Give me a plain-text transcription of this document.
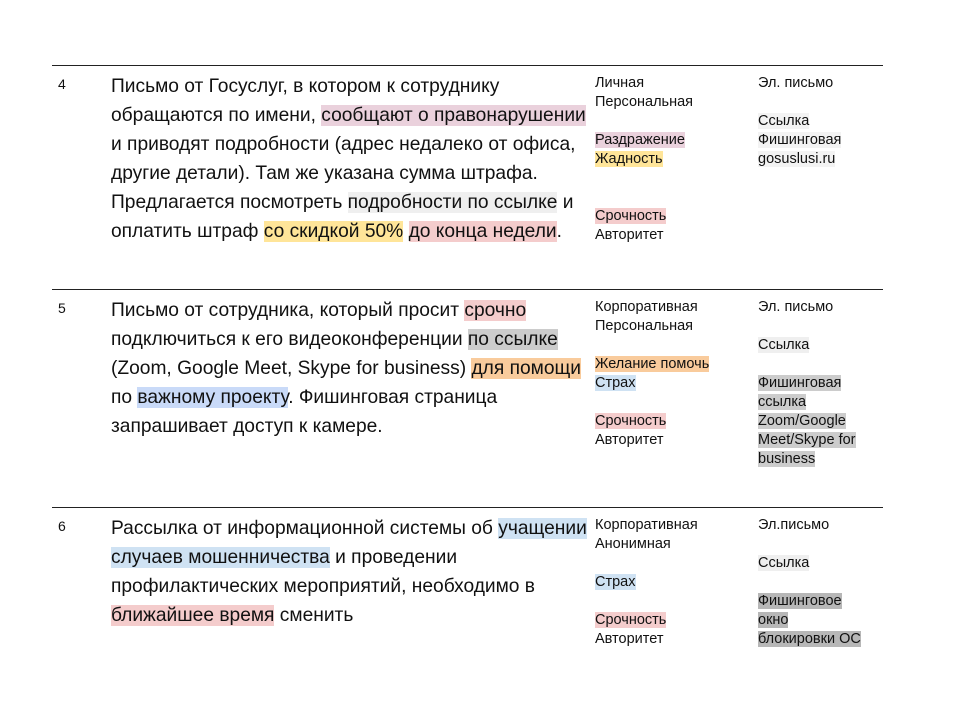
4 Письмо от Госуслуг, в котором к сотруднику обращаются по имени, сообщают о правонарушении и приводят подробности (адрес недалеко от офиса, другие детали). Там же указана сумма штрафа. Предлагается посмотреть подробности по ссылке и оплатить штраф со скидкой 50% до конца недели.
Личная
Персональная
Раздражение
Жадность
Срочность
Авторитет
Эл. письмо
Ссылка
Фишинговая
gosuslusi.ru
5 Письмо от сотрудника, который просит срочно подключиться к его видеоконференции по ссылке (Zoom, Google Meet, Skype for business) для помощи по важному проекту. Фишинговая страница запрашивает доступ к камере.
Корпоративная
Персональная
Желание помочь
Страх
Срочность
Авторитет
Эл. письмо
Ссылка
Фишинговая
ссылка
Zoom/Google
Meet/Skype for
business
6 Рассылка от информационной системы об учащении случаев мошенничества и проведении профилактических мероприятий, необходимо в ближайшее время сменить
Корпоративная
Анонимная
Страх
Срочность
Авторитет
Эл.письмо
Ссылка
Фишинговое
окно
блокировки ОС
